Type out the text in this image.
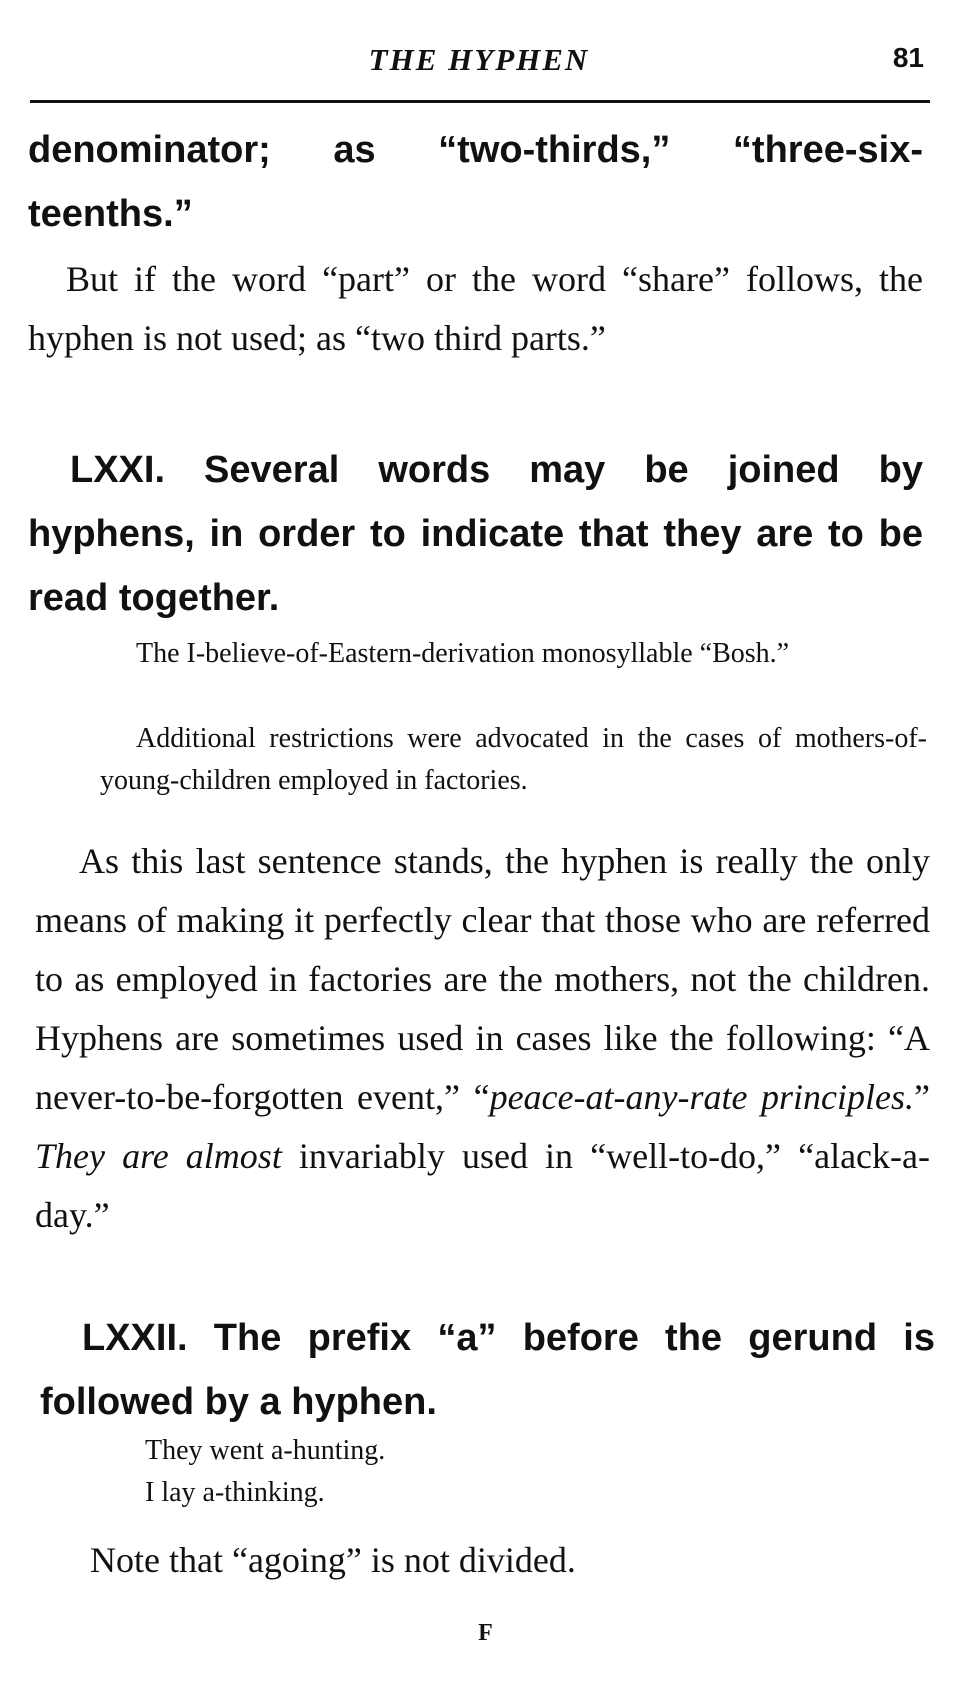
THE HYPHEN	81

denominator; as “two-thirds,” “three-six-teenths.”

But if the word “part” or the word “share” follows, the hyphen is not used; as “two third parts.”

LXXI. Several words may be joined by hyphens, in order to indicate that they are to be read together.

The I-believe-of-Eastern-derivation monosyllable “Bosh.”

Additional restrictions were advocated in the cases of mothers-of-young-children employed in factories.

As this last sentence stands, the hyphen is really the only means of making it perfectly clear that those who are referred to as employed in factories are the mothers, not the children. Hyphens are sometimes used in cases like the following: “A never-to-be-forgotten event,” “peace-at-any-rate principles.” They are almost invariably used in “well-to-do,” “alack-a-day.”

LXXII. The prefix “a” before the gerund is followed by a hyphen.

They went a-hunting.

I lay a-thinking.

Note that “agoing” is not divided.

F
